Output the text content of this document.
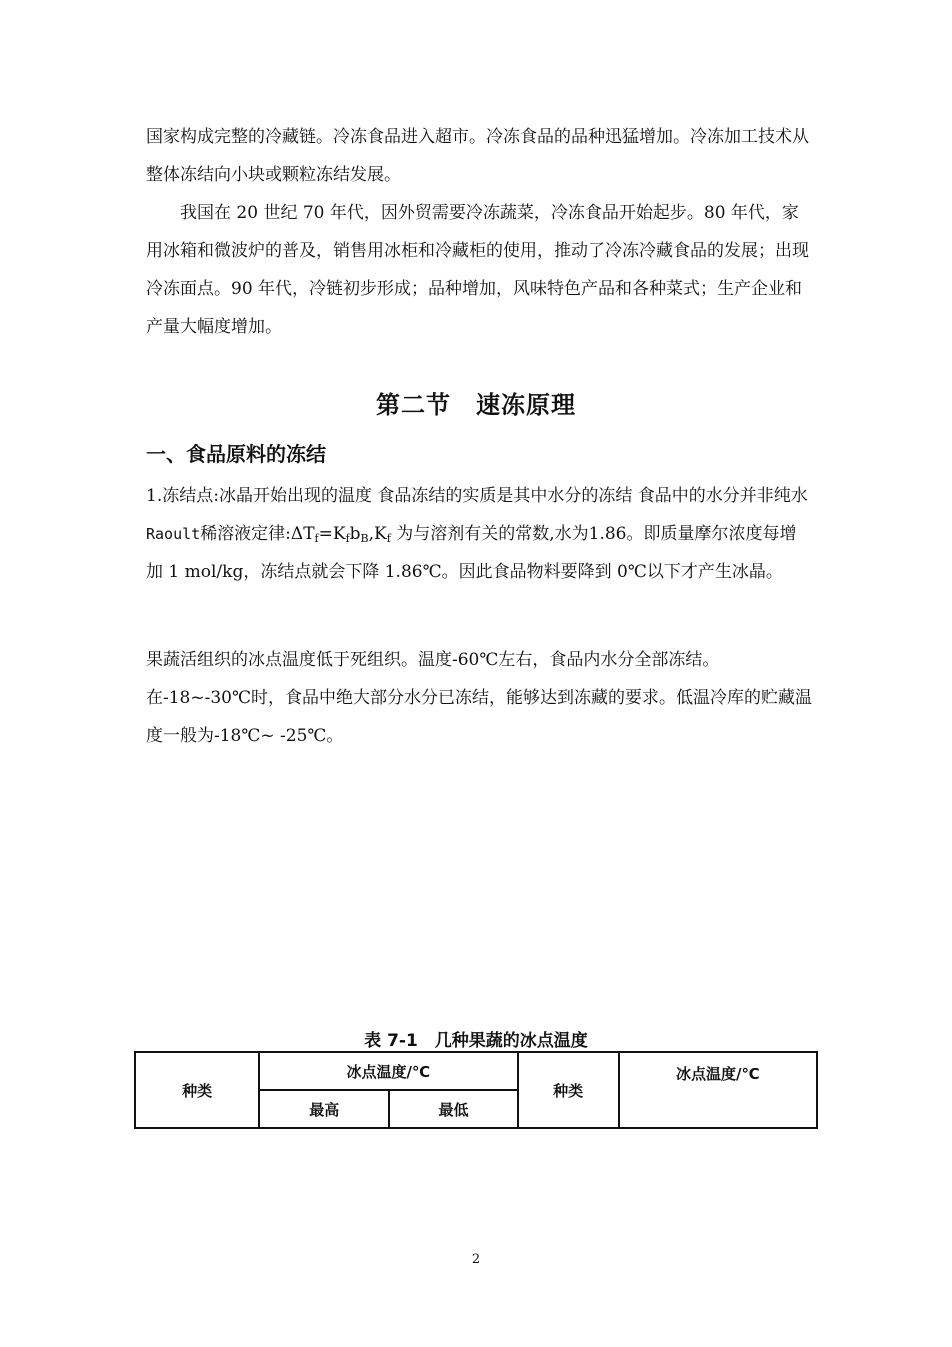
国家构成完整的冷藏链。冷冻食品进入超市。冷冻食品的品种迅猛增加。冷冻加工技术从整体冻结向小块或颗粒冻结发展。

我国在 20 世纪 70 年代，因外贸需要冷冻蔬菜，冷冻食品开始起步。80 年代，家用冰箱和微波炉的普及，销售用冰柜和冷藏柜的使用，推动了冷冻冷藏食品的发展；出现冷冻面点。90 年代，冷链初步形成；品种增加，风味特色产品和各种菜式；生产企业和产量大幅度增加。

第二节　速冻原理
一、食品原料的冻结

1.冻结点:冰晶开始出现的温度 食品冻结的实质是其中水分的冻结 食品中的水分并非纯水 Raoult稀溶液定律$:\Delta T_f=K_fb_B,K_f$ 为与溶剂有关的常数,水为1.86。即质量摩尔浓度每增加 1 mol/kg，冻结点就会下降 1.86℃。因此食品物料要降到 0℃以下才产生冰晶。

果蔬活组织的冰点温度低于死组织。温度-60℃左右，食品内水分全部冻结。 在-18~-30℃时，食品中绝大部分水分已冻结，能够达到冻藏的要求。低温冷库的贮藏温度一般为-18℃~ -25℃。

表 7-1　几种果蔬的冰点温度
种类	冰点温度/℃		种类	冰点温度/℃
	最高	最低		
2
